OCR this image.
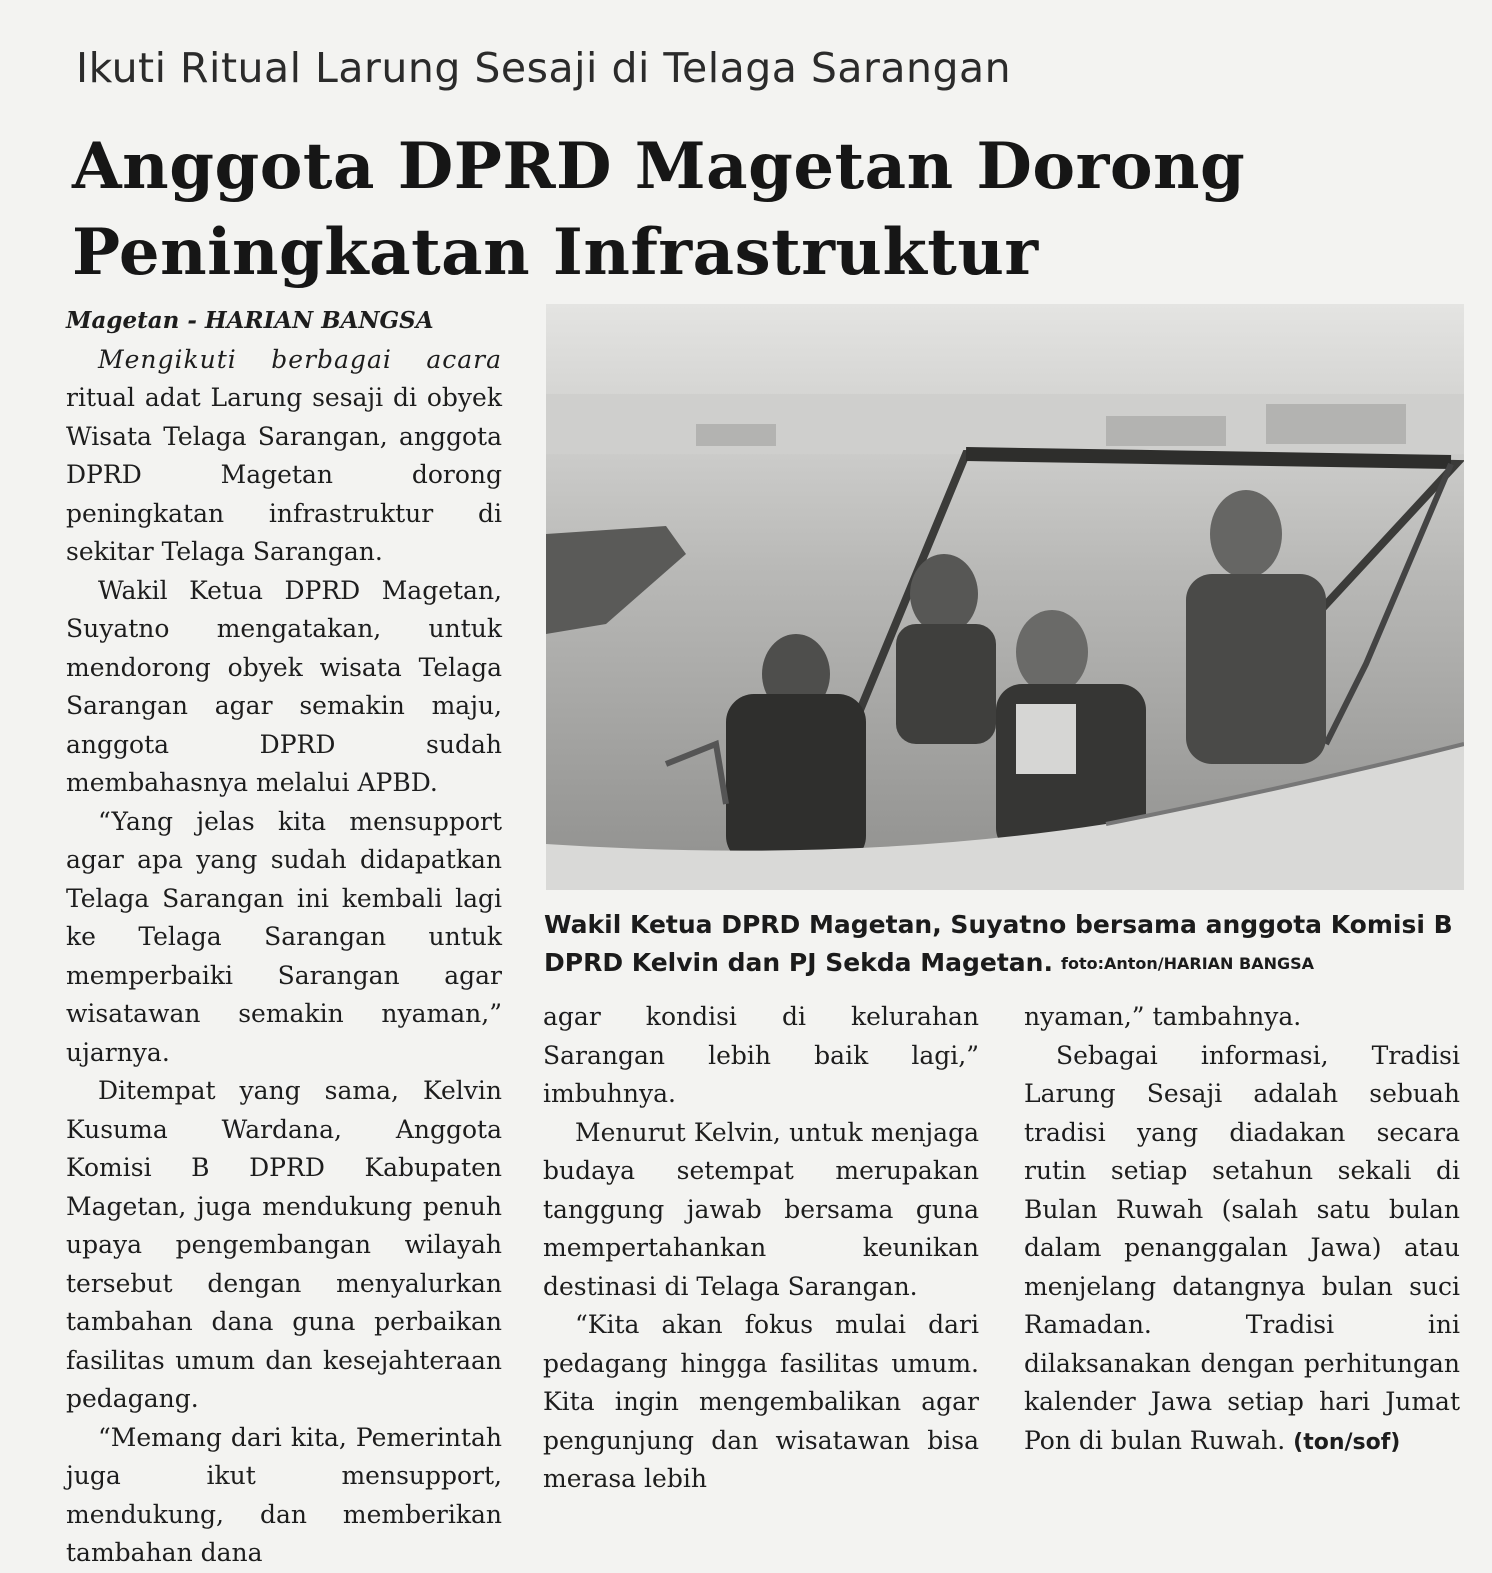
Ikuti Ritual Larung Sesaji di Telaga Sarangan
Anggota DPRD Magetan Dorong
Peningkatan Infrastruktur
Magetan - HARIAN BANGSA

Mengikuti berbagai acara ritual adat Larung sesaji di obyek Wisata Telaga Sarangan, anggota DPRD Magetan dorong peningkatan infrastruktur di sekitar Telaga Sarangan.

Wakil Ketua DPRD Magetan, Suyatno mengatakan, untuk mendorong obyek wisata Telaga Sarangan agar semakin maju, anggota DPRD sudah membahasnya melalui APBD.

“Yang jelas kita mensupport agar apa yang sudah didapatkan Telaga Sarangan ini kembali lagi ke Telaga Sarangan untuk memperbaiki Sarangan agar wisatawan semakin nyaman,” ujarnya.

Ditempat yang sama, Kelvin Kusuma Wardana, Anggota Komisi B DPRD Kabupaten Magetan, juga mendukung penuh upaya pengembangan wilayah tersebut dengan menyalurkan tambahan dana guna perbaikan fasilitas umum dan kesejahteraan pedagang.

“Memang dari kita, Pemerintah juga ikut mensupport, mendukung, dan memberikan tambahan dana

Wakil Ketua DPRD Magetan, Suyatno bersama anggota Komisi B DPRD Kelvin dan PJ Sekda Magetan. foto:Anton/HARIAN BANGSA

agar kondisi di kelurahan Sarangan lebih baik lagi,” imbuhnya.

Menurut Kelvin, untuk menjaga budaya setempat merupakan tanggung jawab bersama guna mempertahankan keunikan destinasi di Telaga Sarangan.

“Kita akan fokus mulai dari pedagang hingga fasilitas umum. Kita ingin mengembalikan agar pengunjung dan wisatawan bisa merasa lebih

nyaman,” tambahnya.

Sebagai informasi, Tradisi Larung Sesaji adalah sebuah tradisi yang diadakan secara rutin setiap setahun sekali di Bulan Ruwah (salah satu bulan dalam penanggalan Jawa) atau menjelang datangnya bulan suci Ramadan. Tradisi ini dilaksanakan dengan perhitungan kalender Jawa setiap hari Jumat Pon di bulan Ruwah. (ton/sof)
